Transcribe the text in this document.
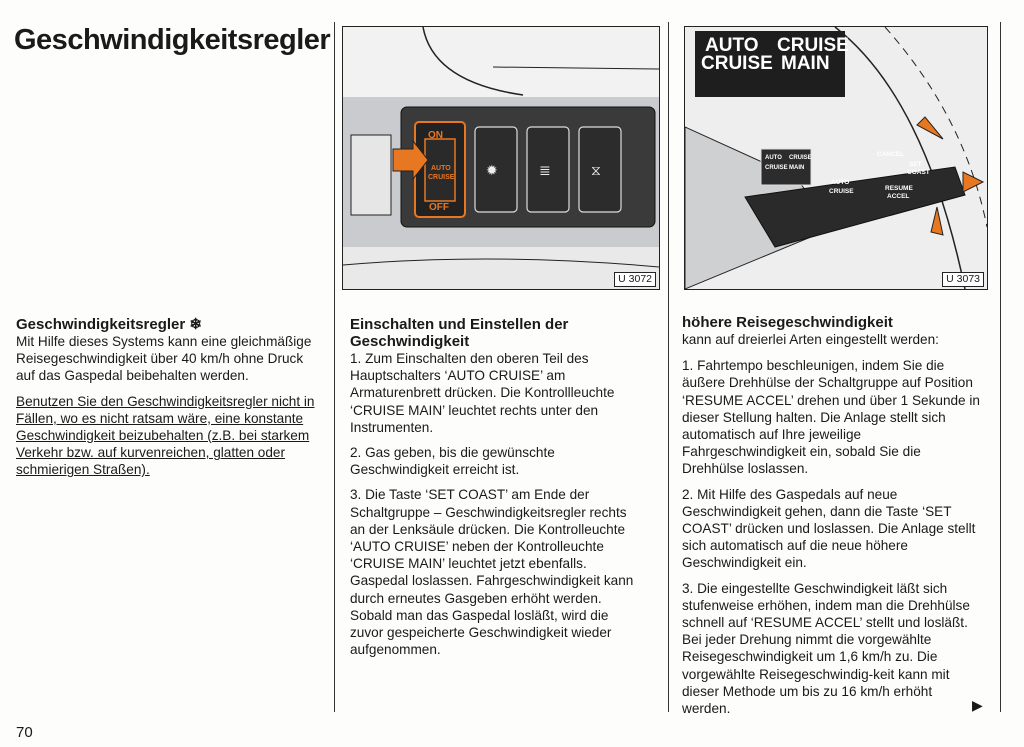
Geschwindigkeitsregler
ON
AUTO
CRUISE
OFF
✹	≣	⧖
U 3072
AUTO
CRUISE
CRUISE
MAIN
AUTO
CRUISE
CRUISE
MAIN
AUTO
CRUISE
CANCEL
SET
COAST
RESUME
ACCEL
U 3073
Geschwindigkeitsregler ❄

Mit Hilfe dieses Systems kann eine gleichmäßige Reisegeschwindigkeit über 40 km/h ohne Druck auf das Gaspedal beibehalten werden.

Benutzen Sie den Geschwindigkeitsregler nicht in Fällen, wo es nicht ratsam wäre, eine konstante Geschwindigkeit beizubehalten (z.B. bei starkem Verkehr bzw. auf kurvenreichen, glatten oder schmierigen Straßen).

Einschalten und Einstellen der Geschwindigkeit

1. Zum Einschalten den oberen Teil des Hauptschalters ‘AUTO CRUISE’ am Armaturenbrett drücken. Die Kontrollleuchte ‘CRUISE MAIN’ leuchtet rechts unter den Instrumenten.

2. Gas geben, bis die gewünschte Geschwindigkeit erreicht ist.

3. Die Taste ‘SET COAST’ am Ende der Schaltgruppe – Geschwindigkeitsregler rechts an der Lenksäule drücken. Die Kontrolleuchte ‘AUTO CRUISE’ neben der Kontrolleuchte ‘CRUISE MAIN’ leuchtet jetzt ebenfalls. Gaspedal loslassen. Fahrgeschwindigkeit kann durch erneutes Gasgeben erhöht werden. Sobald man das Gaspedal losläßt, wird die zuvor gespeicherte Geschwindigkeit wieder aufgenommen.

höhere Reisegeschwindigkeit

kann auf dreierlei Arten eingestellt werden:

1. Fahrtempo beschleunigen, indem Sie die äußere Drehhülse der Schaltgruppe auf Position ‘RESUME ACCEL’ drehen und über 1 Sekunde in dieser Stellung halten. Die Anlage stellt sich automatisch auf Ihre jeweilige Fahrgeschwindigkeit ein, sobald Sie die Drehhülse loslassen.

2. Mit Hilfe des Gaspedals auf neue Geschwindigkeit gehen, dann die Taste ‘SET COAST’ drücken und loslassen. Die Anlage stellt sich automatisch auf die neue höhere Geschwindigkeit ein.

3. Die eingestellte Geschwindigkeit läßt sich stufenweise erhöhen, indem man die Drehhülse schnell auf ‘RESUME ACCEL’ stellt und losläßt. Bei jeder Drehung nimmt die vorgewählte Reisegeschwindigkeit um 1,6 km/h zu. Die vorgewählte Reisegeschwindig-keit kann mit dieser Methode um bis zu 16 km/h erhöht werden.	▶
70
